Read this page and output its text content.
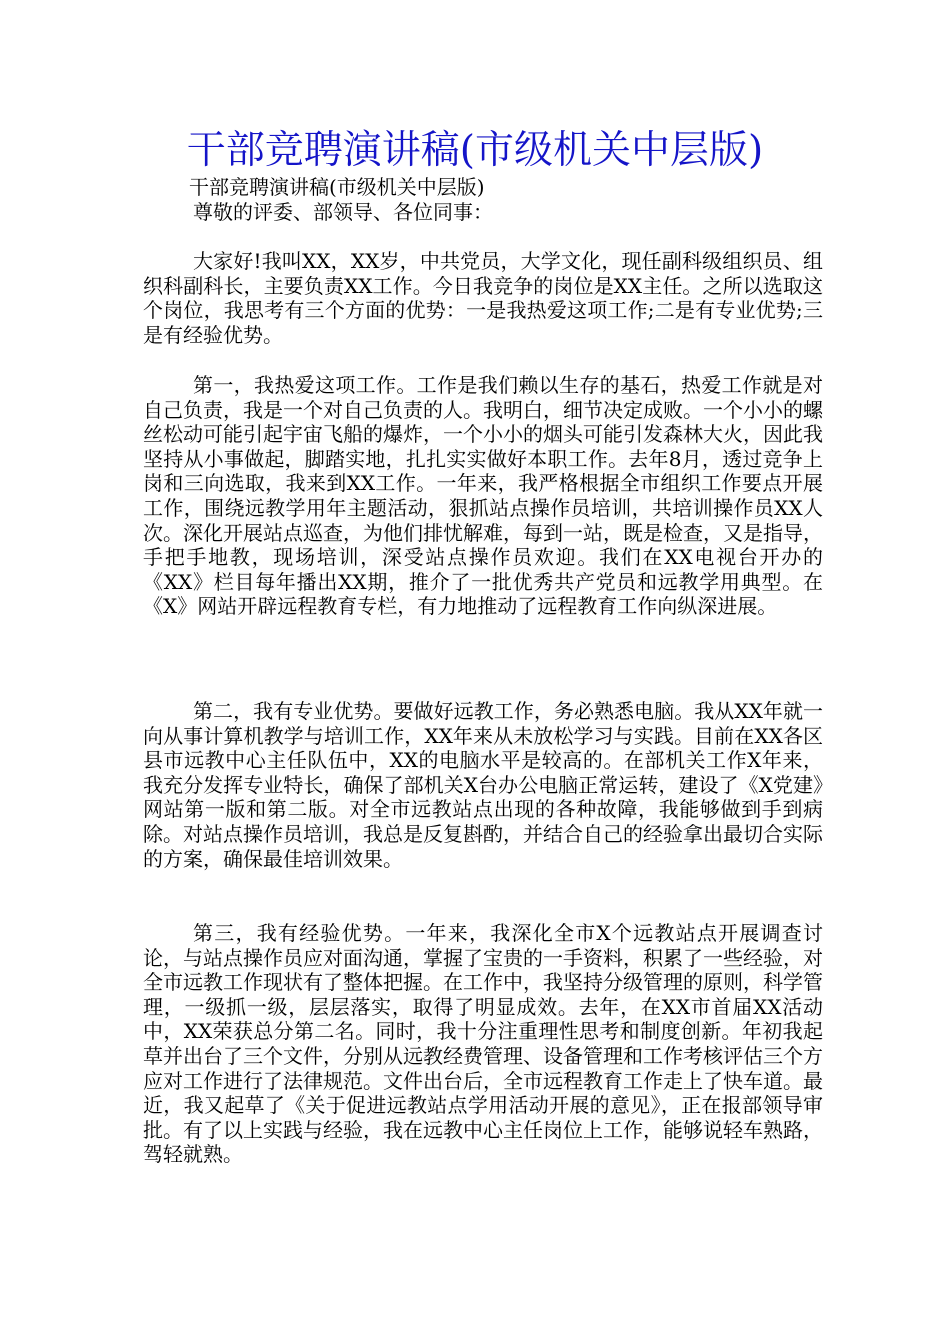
干部竞聘演讲稿(市级机关中层版)
干部竞聘演讲稿(市级机关中层版)
尊敬的评委、部领导、各位同事：
大家好!我叫XX，XX岁，中共党员，大学文化，现任副科级组织员、组织科副科长，主要负责XX工作。今日我竞争的岗位是XX主任。之所以选取这个岗位，我思考有三个方面的优势：一是我热爱这项工作;二是有专业优势;三是有经验优势。
第一，我热爱这项工作。工作是我们赖以生存的基石，热爱工作就是对自己负责，我是一个对自己负责的人。我明白，细节决定成败。一个小小的螺丝松动可能引起宇宙飞船的爆炸，一个小小的烟头可能引发森林大火，因此我坚持从小事做起，脚踏实地，扎扎实实做好本职工作。去年8月，透过竞争上岗和三向选取，我来到XX工作。一年来，我严格根据全市组织工作要点开展工作，围绕远教学用年主题活动，狠抓站点操作员培训，共培训操作员XX人次。深化开展站点巡查，为他们排忧解难，每到一站，既是检查，又是指导，手把手地教，现场培训，深受站点操作员欢迎。我们在XX电视台开办的《XX》栏目每年播出XX期，推介了一批优秀共产党员和远教学用典型。在《X》网站开辟远程教育专栏，有力地推动了远程教育工作向纵深进展。
第二，我有专业优势。要做好远教工作，务必熟悉电脑。我从XX年就一向从事计算机教学与培训工作，XX年来从未放松学习与实践。目前在XX各区县市远教中心主任队伍中，XX的电脑水平是较高的。在部机关工作X年来，我充分发挥专业特长，确保了部机关X台办公电脑正常运转，建设了《X党建》网站第一版和第二版。对全市远教站点出现的各种故障，我能够做到手到病除。对站点操作员培训，我总是反复斟酌，并结合自己的经验拿出最切合实际的方案，确保最佳培训效果。
第三，我有经验优势。一年来，我深化全市X个远教站点开展调查讨论，与站点操作员应对面沟通，掌握了宝贵的一手资料，积累了一些经验，对全市远教工作现状有了整体把握。在工作中，我坚持分级管理的原则，科学管理，一级抓一级，层层落实，取得了明显成效。去年，在XX市首届XX活动中，XX荣获总分第二名。同时，我十分注重理性思考和制度创新。年初我起草并出台了三个文件，分别从远教经费管理、设备管理和工作考核评估三个方应对工作进行了法律规范。文件出台后，全市远程教育工作走上了快车道。最近，我又起草了《关于促进远教站点学用活动开展的意见》，正在报部领导审批。有了以上实践与经验，我在远教中心主任岗位上工作，能够说轻车熟路，驾轻就熟。
